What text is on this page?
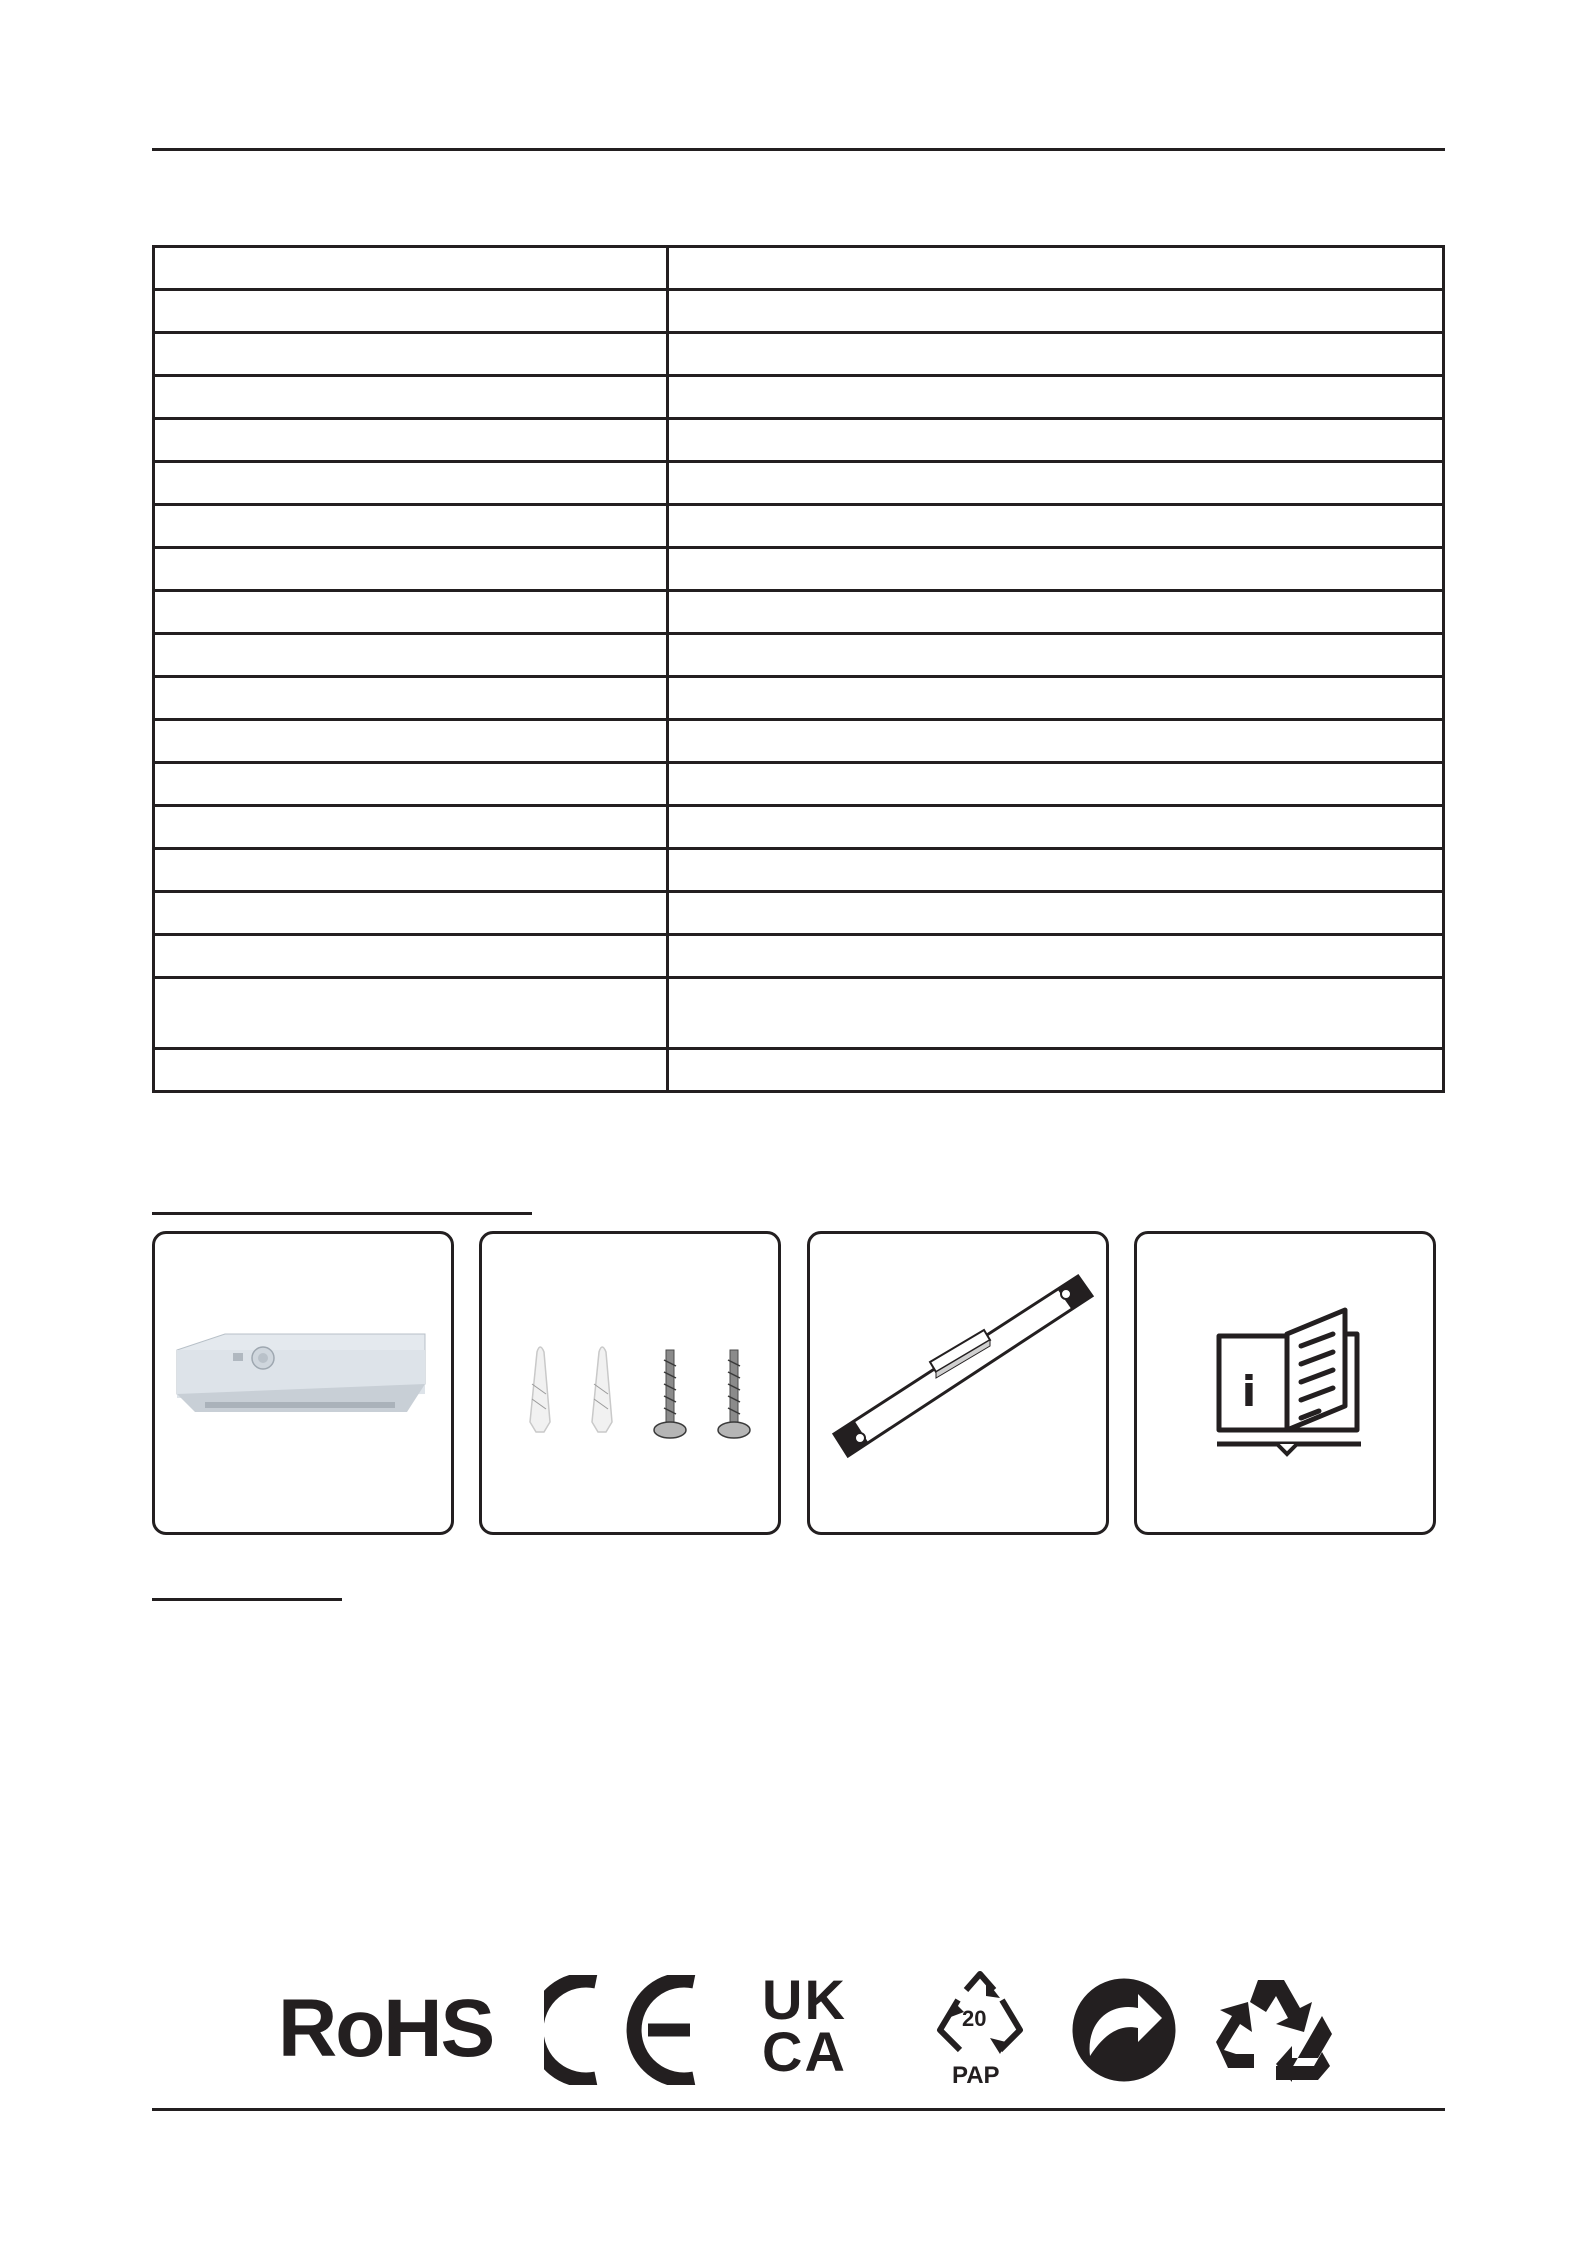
i
RoHS	UK
CA
20
PAP
